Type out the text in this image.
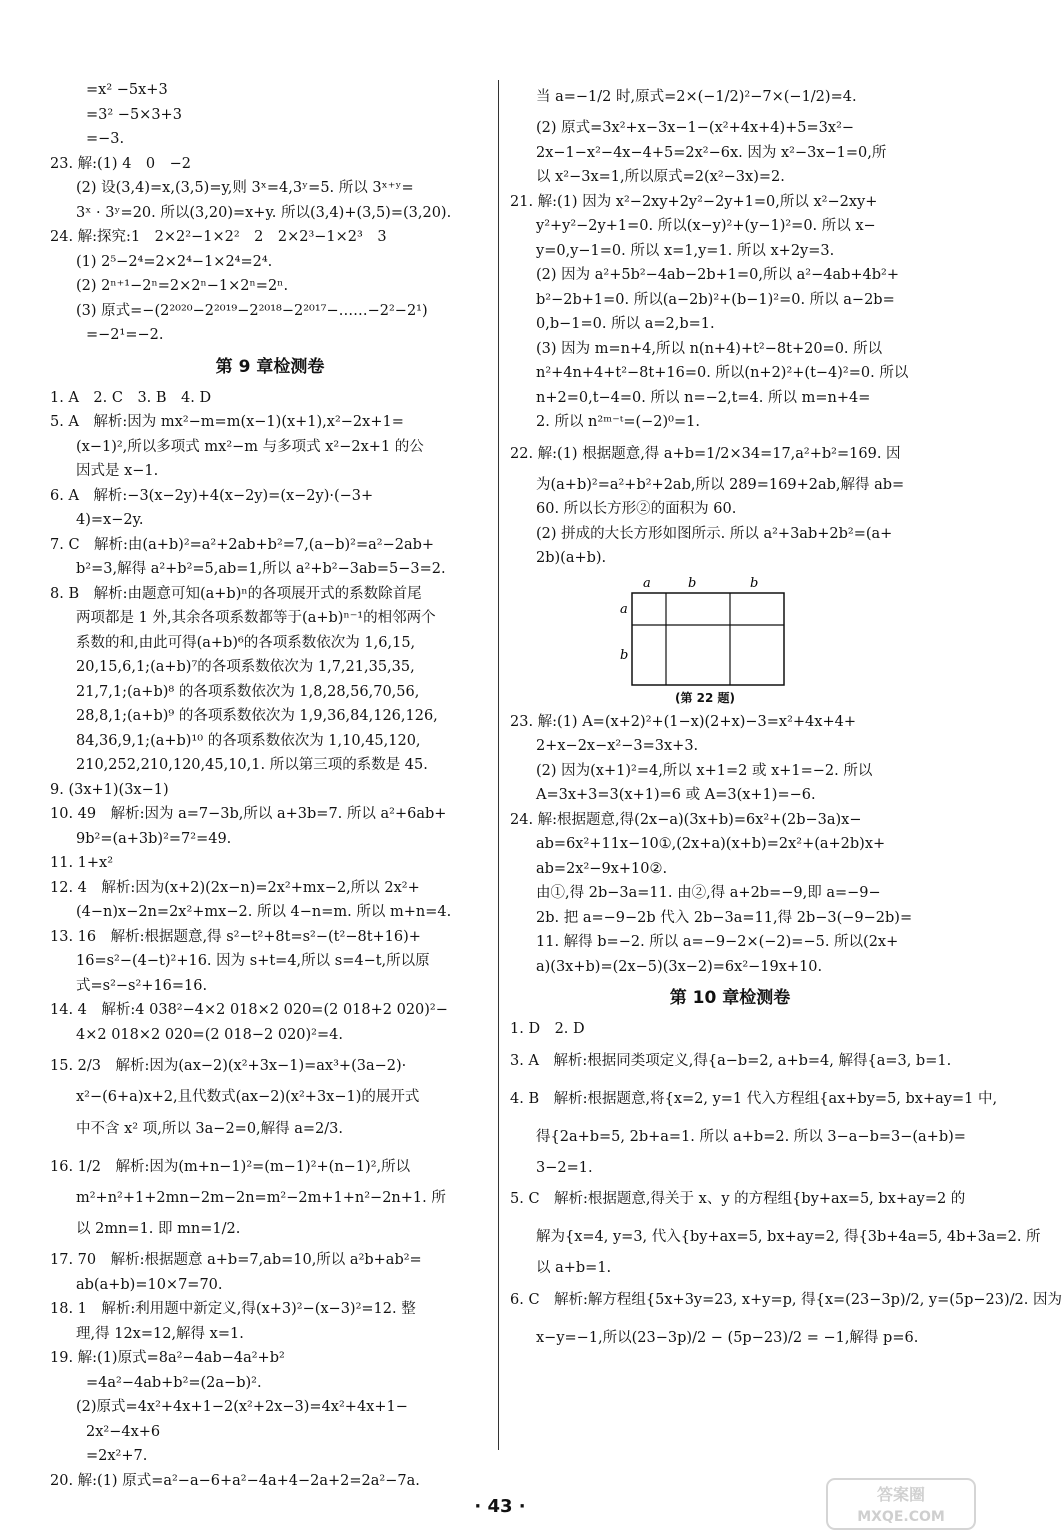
=x² −5x+3
=3² −5×3+3
=−3.
23. 解:(1) 4　0　−2
(2) 设(3,4)=x,(3,5)=y,则 3ˣ=4,3ʸ=5. 所以 3ˣ⁺ʸ=
3ˣ · 3ʸ=20. 所以(3,20)=x+y. 所以(3,4)+(3,5)=(3,20).
24. 解:探究:1　2×2²−1×2²　2　2×2³−1×2³　3
(1) 2⁵−2⁴=2×2⁴−1×2⁴=2⁴.
(2) 2ⁿ⁺¹−2ⁿ=2×2ⁿ−1×2ⁿ=2ⁿ.
(3) 原式=−(2²⁰²⁰−2²⁰¹⁹−2²⁰¹⁸−2²⁰¹⁷−……−2²−2¹)
=−2¹=−2.
第 9 章检测卷
1. A　2. C　3. B　4. D
5. A　解析:因为 mx²−m=m(x−1)(x+1),x²−2x+1=
(x−1)²,所以多项式 mx²−m 与多项式 x²−2x+1 的公
因式是 x−1.
6. A　解析:−3(x−2y)+4(x−2y)=(x−2y)·(−3+
4)=x−2y.
7. C　解析:由(a+b)²=a²+2ab+b²=7,(a−b)²=a²−2ab+
b²=3,解得 a²+b²=5,ab=1,所以 a²+b²−3ab=5−3=2.
8. B　解析:由题意可知(a+b)ⁿ的各项展开式的系数除首尾
两项都是 1 外,其余各项系数都等于(a+b)ⁿ⁻¹的相邻两个
系数的和,由此可得(a+b)⁶的各项系数依次为 1,6,15,
20,15,6,1;(a+b)⁷的各项系数依次为 1,7,21,35,35,
21,7,1;(a+b)⁸ 的各项系数依次为 1,8,28,56,70,56,
28,8,1;(a+b)⁹ 的各项系数依次为 1,9,36,84,126,126,
84,36,9,1;(a+b)¹⁰ 的各项系数依次为 1,10,45,120,
210,252,210,120,45,10,1. 所以第三项的系数是 45.
9. (3x+1)(3x−1)
10. 49　解析:因为 a=7−3b,所以 a+3b=7. 所以 a²+6ab+
9b²=(a+3b)²=7²=49.
11. 1+x²
12. 4　解析:因为(x+2)(2x−n)=2x²+mx−2,所以 2x²+
(4−n)x−2n=2x²+mx−2. 所以 4−n=m. 所以 m+n=4.
13. 16　解析:根据题意,得 s²−t²+8t=s²−(t²−8t+16)+
16=s²−(4−t)²+16. 因为 s+t=4,所以 s=4−t,所以原
式=s²−s²+16=16.
14. 4　解析:4 038²−4×2 018×2 020=(2 018+2 020)²−
4×2 018×2 020=(2 018−2 020)²=4.
15. 2/3　解析:因为(ax−2)(x²+3x−1)=ax³+(3a−2)·
x²−(6+a)x+2,且代数式(ax−2)(x²+3x−1)的展开式
中不含 x² 项,所以 3a−2=0,解得 a=2/3.
16. 1/2　解析:因为(m+n−1)²=(m−1)²+(n−1)²,所以
m²+n²+1+2mn−2m−2n=m²−2m+1+n²−2n+1. 所
以 2mn=1. 即 mn=1/2.
17. 70　解析:根据题意 a+b=7,ab=10,所以 a²b+ab²=
ab(a+b)=10×7=70.
18. 1　解析:利用题中新定义,得(x+3)²−(x−3)²=12. 整
理,得 12x=12,解得 x=1.
19. 解:(1)原式=8a²−4ab−4a²+b²
=4a²−4ab+b²=(2a−b)².
(2)原式=4x²+4x+1−2(x²+2x−3)=4x²+4x+1−
2x²−4x+6
=2x²+7.
20. 解:(1) 原式=a²−a−6+a²−4a+4−2a+2=2a²−7a.
当 a=−1/2 时,原式=2×(−1/2)²−7×(−1/2)=4.
(2) 原式=3x²+x−3x−1−(x²+4x+4)+5=3x²−
2x−1−x²−4x−4+5=2x²−6x. 因为 x²−3x−1=0,所
以 x²−3x=1,所以原式=2(x²−3x)=2.
21. 解:(1) 因为 x²−2xy+2y²−2y+1=0,所以 x²−2xy+
y²+y²−2y+1=0. 所以(x−y)²+(y−1)²=0. 所以 x−
y=0,y−1=0. 所以 x=1,y=1. 所以 x+2y=3.
(2) 因为 a²+5b²−4ab−2b+1=0,所以 a²−4ab+4b²+
b²−2b+1=0. 所以(a−2b)²+(b−1)²=0. 所以 a−2b=
0,b−1=0. 所以 a=2,b=1.
(3) 因为 m=n+4,所以 n(n+4)+t²−8t+20=0. 所以
n²+4n+4+t²−8t+16=0. 所以(n+2)²+(t−4)²=0. 所以
n+2=0,t−4=0. 所以 n=−2,t=4. 所以 m=n+4=
2. 所以 n²ᵐ⁻ᵗ=(−2)⁰=1.
22. 解:(1) 根据题意,得 a+b=1/2×34=17,a²+b²=169. 因
为(a+b)²=a²+b²+2ab,所以 289=169+2ab,解得 ab=
60. 所以长方形②的面积为 60.
(2) 拼成的大长方形如图所示. 所以 a²+3ab+2b²=(a+
2b)(a+b).
a	b	b
a
b
(第 22 题)
23. 解:(1) A=(x+2)²+(1−x)(2+x)−3=x²+4x+4+
2+x−2x−x²−3=3x+3.
(2) 因为(x+1)²=4,所以 x+1=2 或 x+1=−2. 所以
A=3x+3=3(x+1)=6 或 A=3(x+1)=−6.
24. 解:根据题意,得(2x−a)(3x+b)=6x²+(2b−3a)x−
ab=6x²+11x−10①,(2x+a)(x+b)=2x²+(a+2b)x+
ab=2x²−9x+10②.
由①,得 2b−3a=11. 由②,得 a+2b=−9,即 a=−9−
2b. 把 a=−9−2b 代入 2b−3a=11,得 2b−3(−9−2b)=
11. 解得 b=−2. 所以 a=−9−2×(−2)=−5. 所以(2x+
a)(3x+b)=(2x−5)(3x−2)=6x²−19x+10.
第 10 章检测卷
1. D　2. D
3. A　解析:根据同类项定义,得{a−b=2, a+b=4, 解得{a=3, b=1.
4. B　解析:根据题意,将{x=2, y=1 代入方程组{ax+by=5, bx+ay=1 中,
得{2a+b=5, 2b+a=1. 所以 a+b=2. 所以 3−a−b=3−(a+b)=
3−2=1.
5. C　解析:根据题意,得关于 x、y 的方程组{by+ax=5, bx+ay=2 的
解为{x=4, y=3, 代入{by+ax=5, bx+ay=2, 得{3b+4a=5, 4b+3a=2. 所
以 a+b=1.
6. C　解析:解方程组{5x+3y=23, x+y=p, 得{x=(23−3p)/2, y=(5p−23)/2. 因为
x−y=−1,所以(23−3p)/2 − (5p−23)/2 = −1,解得 p=6.
· 43 ·
答案圈
MXQE.COM
